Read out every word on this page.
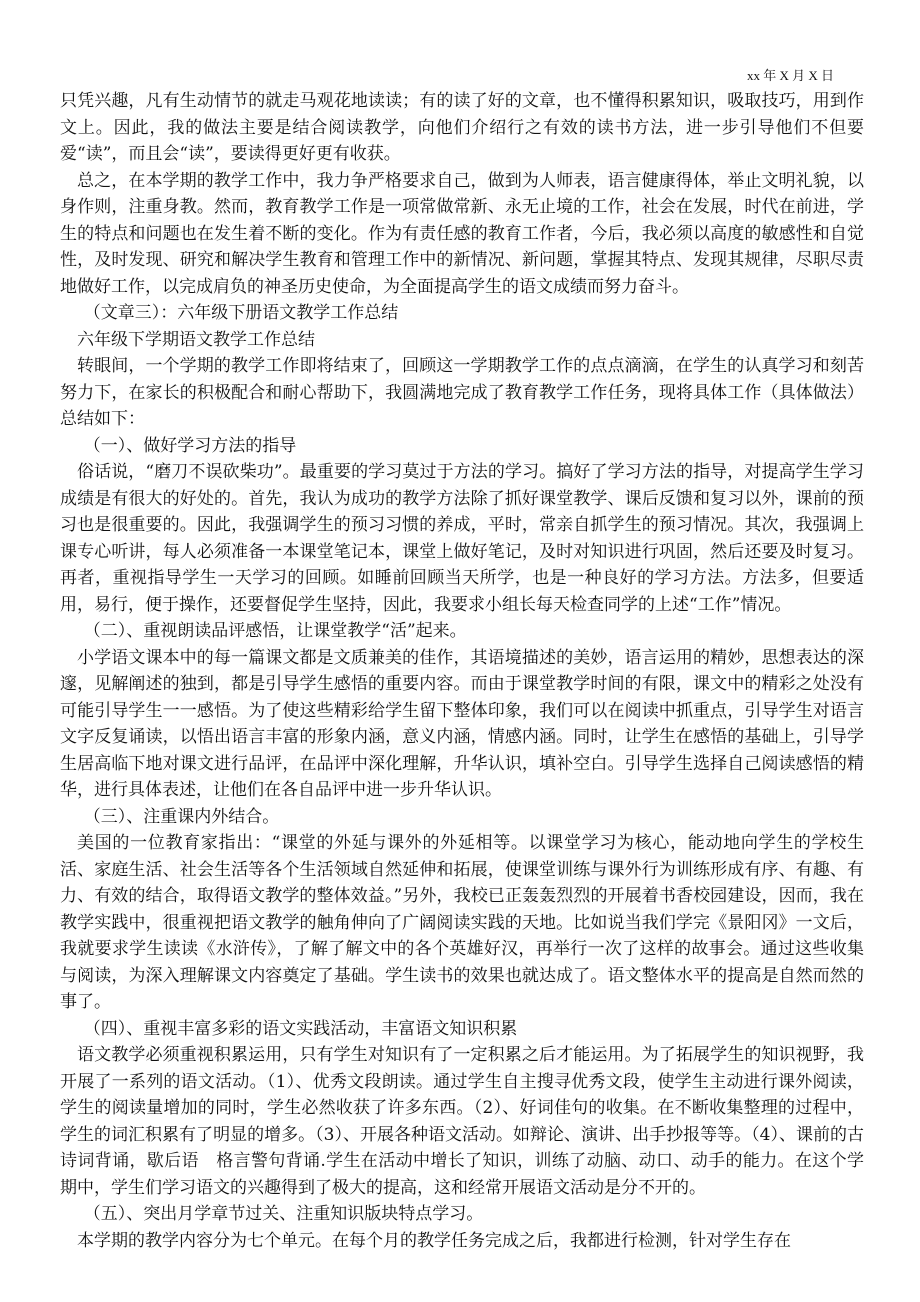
xx 年 X 月 X 日

只凭兴趣，凡有生动情节的就走马观花地读读；有的读了好的文章，也不懂得积累知识，吸取技巧，用到作文上。因此，我的做法主要是结合阅读教学，向他们介绍行之有效的读书方法，进一步引导他们不但要爱“读”，而且会“读”，要读得更好更有收获。

总之，在本学期的教学工作中，我力争严格要求自己，做到为人师表，语言健康得体，举止文明礼貌，以身作则，注重身教。然而，教育教学工作是一项常做常新、永无止境的工作，社会在发展，时代在前进，学生的特点和问题也在发生着不断的变化。作为有责任感的教育工作者，今后，我必须以高度的敏感性和自觉性，及时发现、研究和解决学生教育和管理工作中的新情况、新问题，掌握其特点、发现其规律，尽职尽责地做好工作，以完成肩负的神圣历史使命，为全面提高学生的语文成绩而努力奋斗。

（文章三）：六年级下册语文教学工作总结

六年级下学期语文教学工作总结

转眼间，一个学期的教学工作即将结束了，回顾这一学期教学工作的点点滴滴，在学生的认真学习和刻苦努力下，在家长的积极配合和耐心帮助下，我圆满地完成了教育教学工作任务，现将具体工作（具体做法）总结如下：

（一）、做好学习方法的指导

俗话说，“磨刀不误砍柴功”。最重要的学习莫过于方法的学习。搞好了学习方法的指导，对提高学生学习成绩是有很大的好处的。首先，我认为成功的教学方法除了抓好课堂教学、课后反馈和复习以外，课前的预习也是很重要的。因此，我强调学生的预习习惯的养成，平时，常亲自抓学生的预习情况。其次，我强调上课专心听讲，每人必须准备一本课堂笔记本，课堂上做好笔记，及时对知识进行巩固，然后还要及时复习。再者，重视指导学生一天学习的回顾。如睡前回顾当天所学，也是一种良好的学习方法。方法多，但要适用，易行，便于操作，还要督促学生坚持，因此，我要求小组长每天检查同学的上述“工作”情况。

（二）、重视朗读品评感悟，让课堂教学“活”起来。

小学语文课本中的每一篇课文都是文质兼美的佳作，其语境描述的美妙，语言运用的精妙，思想表达的深邃，见解阐述的独到，都是引导学生感悟的重要内容。而由于课堂教学时间的有限，课文中的精彩之处没有可能引导学生一一感悟。为了使这些精彩给学生留下整体印象，我们可以在阅读中抓重点，引导学生对语言文字反复诵读，以悟出语言丰富的形象内涵，意义内涵，情感内涵。同时，让学生在感悟的基础上，引导学生居高临下地对课文进行品评，在品评中深化理解，升华认识，填补空白。引导学生选择自己阅读感悟的精华，进行具体表述，让他们在各自品评中进一步升华认识。

（三）、注重课内外结合。

美国的一位教育家指出：“课堂的外延与课外的外延相等。以课堂学习为核心，能动地向学生的学校生活、家庭生活、社会生活等各个生活领域自然延伸和拓展，使课堂训练与课外行为训练形成有序、有趣、有力、有效的结合，取得语文教学的整体效益。”另外，我校已正轰轰烈烈的开展着书香校园建设，因而，我在教学实践中，很重视把语文教学的触角伸向了广阔阅读实践的天地。比如说当我们学完《景阳冈》一文后，我就要求学生读读《水浒传》，了解了解文中的各个英雄好汉，再举行一次了这样的故事会。通过这些收集与阅读，为深入理解课文内容奠定了基础。学生读书的效果也就达成了。语文整体水平的提高是自然而然的事了。

（四）、重视丰富多彩的语文实践活动，丰富语文知识积累

语文教学必须重视积累运用，只有学生对知识有了一定积累之后才能运用。为了拓展学生的知识视野，我开展了一系列的语文活动。（1）、优秀文段朗读。通过学生自主搜寻优秀文段，使学生主动进行课外阅读，学生的阅读量增加的同时，学生必然收获了许多东西。（2）、好词佳句的收集。在不断收集整理的过程中，学生的词汇积累有了明显的增多。（3）、开展各种语文活动。如辩论、演讲、出手抄报等等。（4）、课前的古诗词背诵，歇后语　格言警句背诵.学生在活动中增长了知识，训练了动脑、动口、动手的能力。在这个学期中，学生们学习语文的兴趣得到了极大的提高，这和经常开展语文活动是分不开的。

（五）、突出月学章节过关、注重知识版块特点学习。

本学期的教学内容分为七个单元。在每个月的教学任务完成之后，我都进行检测，针对学生存在
